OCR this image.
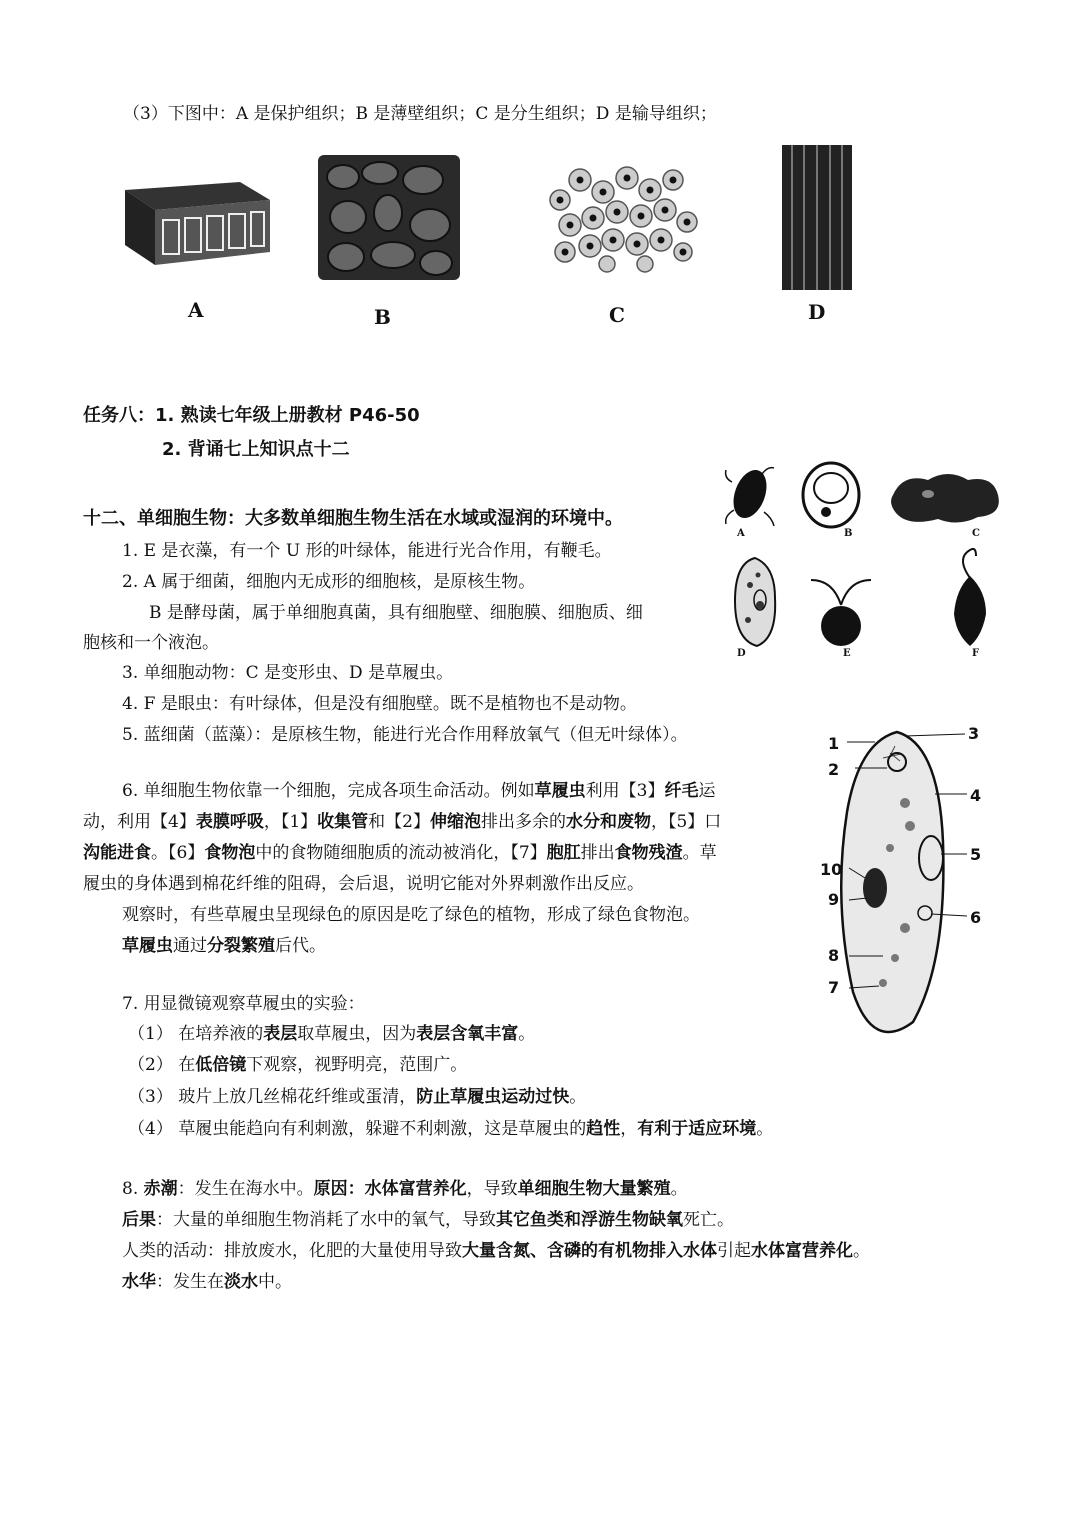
（3）下图中：A 是保护组织；B 是薄壁组织；C 是分生组织；D 是输导组织；
A	B	C	D
任务八：1. 熟读七年级上册教材 P46-50
2. 背诵七上知识点十二
十二、单细胞生物：大多数单细胞生物生活在水域或湿润的环境中。
A	B	C
D	E	F
1. E 是衣藻，有一个 U 形的叶绿体，能进行光合作用，有鞭毛。
2. A 属于细菌，细胞内无成形的细胞核，是原核生物。
B 是酵母菌，属于单细胞真菌，具有细胞壁、细胞膜、细胞质、细
胞核和一个液泡。
3. 单细胞动物：C 是变形虫、D 是草履虫。
4. F 是眼虫：有叶绿体，但是没有细胞壁。既不是植物也不是动物。
5. 蓝细菌（蓝藻）：是原核生物，能进行光合作用释放氧气（但无叶绿体）。	1
2
3
4
5
6
7
8
9
10
6. 单细胞生物依靠一个细胞，完成各项生命活动。例如草履虫利用【3】纤毛运
动，利用【4】表膜呼吸，【1】收集管和【2】伸缩泡排出多余的水分和废物，【5】口
沟能进食。【6】食物泡中的食物随细胞质的流动被消化，【7】胞肛排出食物残渣。草
履虫的身体遇到棉花纤维的阻碍，会后退，说明它能对外界刺激作出反应。
观察时，有些草履虫呈现绿色的原因是吃了绿色的植物，形成了绿色食物泡。
草履虫通过分裂繁殖后代。
7. 用显微镜观察草履虫的实验：
（1） 在培养液的表层取草履虫，因为表层含氧丰富。
（2） 在低倍镜下观察，视野明亮，范围广。
（3） 玻片上放几丝棉花纤维或蛋清，防止草履虫运动过快。
（4） 草履虫能趋向有利刺激，躲避不利刺激，这是草履虫的趋性，有利于适应环境。
8. 赤潮：发生在海水中。原因：水体富营养化，导致单细胞生物大量繁殖。
后果：大量的单细胞生物消耗了水中的氧气，导致其它鱼类和浮游生物缺氧死亡。
人类的活动：排放废水，化肥的大量使用导致大量含氮、含磷的有机物排入水体引起水体富营养化。
水华：发生在淡水中。
